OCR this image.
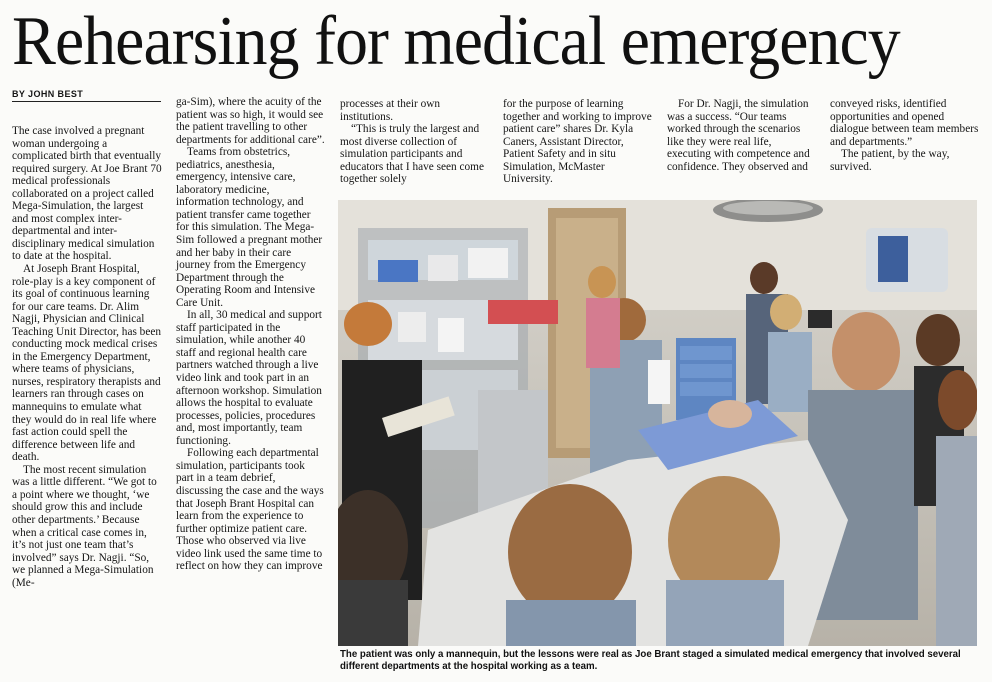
Rehearsing for medical emergency
BY JOHN BEST

The case involved a pregnant woman undergoing a complicated birth that eventually required surgery. At Joe Brant 70 medical professionals collaborated on a project called Mega-Simulation, the largest and most complex inter-departmental and inter-disciplinary medical simulation to date at the hospital.

At Joseph Brant Hospital, role-play is a key component of its goal of continuous learning for our care teams. Dr. Alim Nagji, Physician and Clinical Teaching Unit Director, has been conducting mock medical crises in the Emergency Department, where teams of physicians, nurses, respiratory therapists and learners ran through cases on mannequins to emulate what they would do in real life where fast action could spell the difference between life and death.

The most recent simulation was a little different. “We got to a point where we thought, ‘we should grow this and include other departments.’ Because when a critical case comes in, it’s not just one team that’s involved” says Dr. Nagji. “So, we planned a Mega-Simulation (Me-

ga-Sim), where the acuity of the patient was so high, it would see the patient travelling to other departments for additional care”.

Teams from obstetrics, pediatrics, anesthesia, emergency, intensive care, laboratory medicine, information technology, and patient transfer came together for this simulation. The Mega-Sim followed a pregnant mother and her baby in their care journey from the Emergency Department through the Operating Room and Intensive Care Unit.

In all, 30 medical and support staff participated in the simulation, while another 40 staff and regional health care partners watched through a live video link and took part in an afternoon workshop. Simulation allows the hospital to evaluate processes, policies, procedures and, most importantly, team functioning.

Following each departmental simulation, participants took part in a team debrief, discussing the case and the ways that Joseph Brant Hospital can learn from the experience to further optimize patient care. Those who observed via live video link used the same time to reflect on how they can improve

processes at their own institutions.

“This is truly the largest and most diverse collection of simulation participants and educators that I have seen come together solely

for the purpose of learning together and working to improve patient care” shares Dr. Kyla Caners, Assistant Director, Patient Safety and in situ Simulation, McMaster University.

For Dr. Nagji, the simulation was a success. “Our teams worked through the scenarios like they were real life, executing with competence and confidence. They observed and

conveyed risks, identified opportunities and opened dialogue between team members and departments.”

The patient, by the way, survived.

The patient was only a mannequin, but the lessons were real as Joe Brant staged a simulated medical emergency that involved several different departments at the hospital working as a team.
